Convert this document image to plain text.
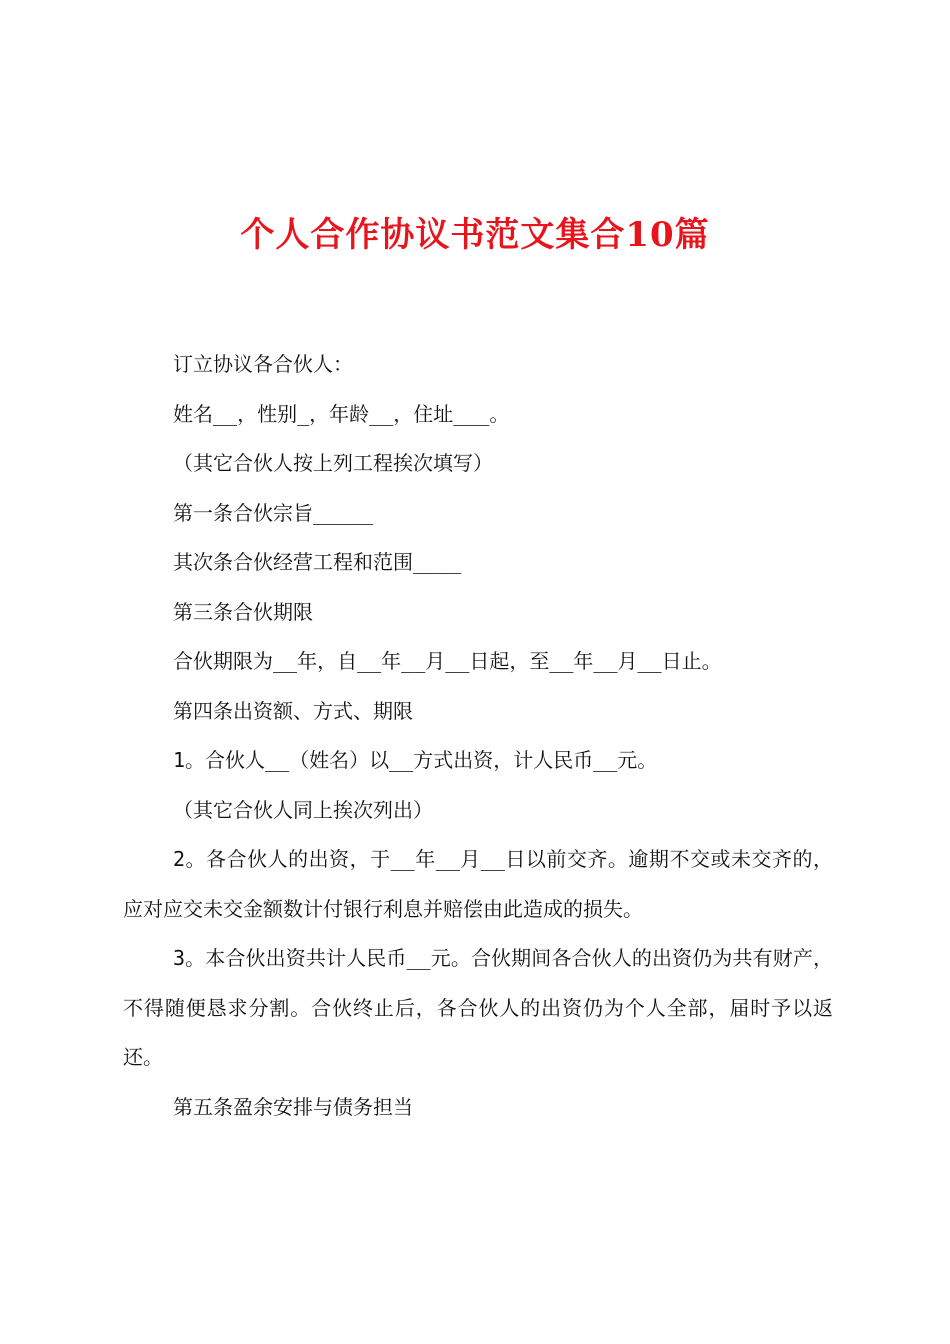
个人合作协议书范文集合10篇

订立协议各合伙人：

姓名__，性别_，年龄__，住址___。

（其它合伙人按上列工程挨次填写）

第一条合伙宗旨_____

其次条合伙经营工程和范围____

第三条合伙期限

合伙期限为__年，自__年__月__日起，至__年__月__日止。

第四条出资额、方式、期限

1。合伙人__（姓名）以__方式出资，计人民币__元。

（其它合伙人同上挨次列出）

2。各合伙人的出资，于__年__月__日以前交齐。逾期不交或未交齐的，应对应交未交金额数计付银行利息并赔偿由此造成的损失。

3。本合伙出资共计人民币__元。合伙期间各合伙人的出资仍为共有财产，不得随便恳求分割。合伙终止后，各合伙人的出资仍为个人全部，届时予以返还。

第五条盈余安排与债务担当
